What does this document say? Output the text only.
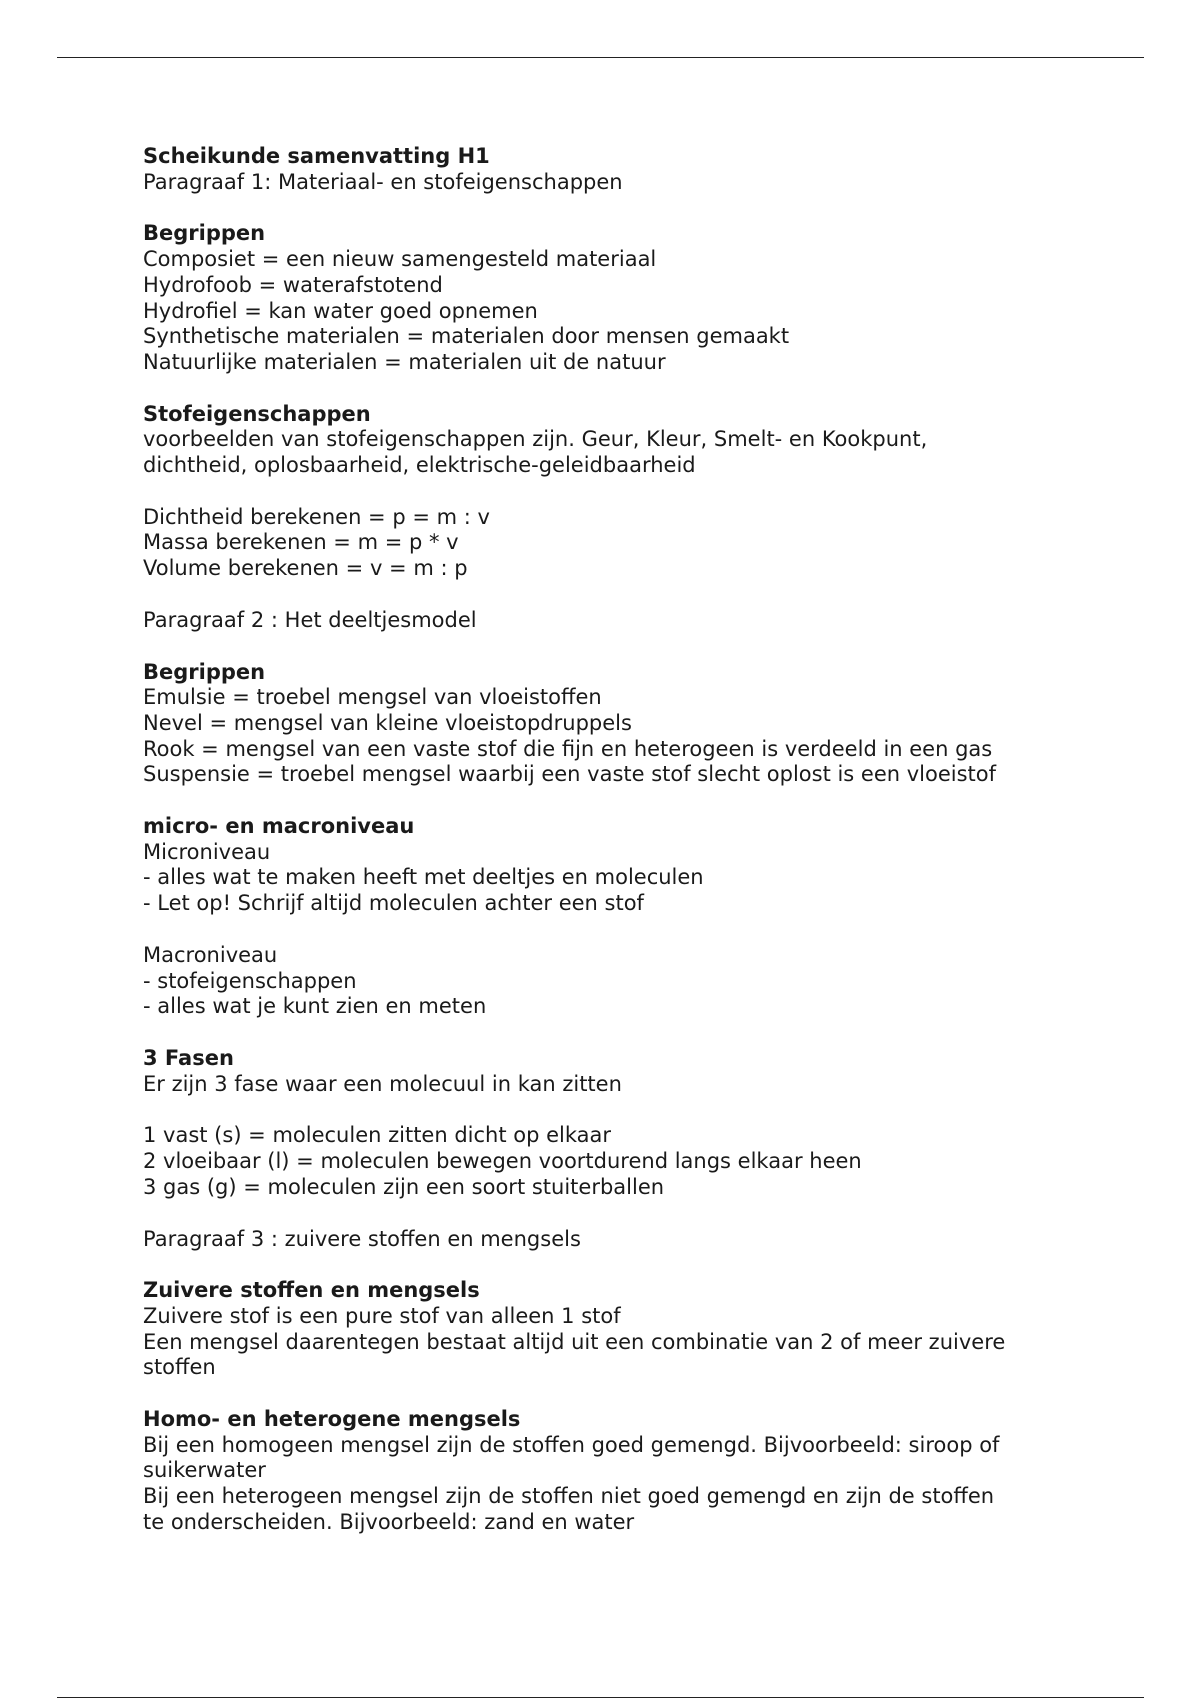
Scheikunde samenvatting H1
Paragraaf 1: Materiaal- en stofeigenschappen
Begrippen
Composiet = een nieuw samengesteld materiaal
Hydrofoob = waterafstotend
Hydrofiel = kan water goed opnemen
Synthetische materialen = materialen door mensen gemaakt
Natuurlijke materialen = materialen uit de natuur
Stofeigenschappen
voorbeelden van stofeigenschappen zijn. Geur, Kleur, Smelt- en Kookpunt,
dichtheid, oplosbaarheid, elektrische-geleidbaarheid
Dichtheid berekenen = p = m : v
Massa berekenen = m = p * v
Volume berekenen = v = m : p
Paragraaf 2 : Het deeltjesmodel
Begrippen
Emulsie = troebel mengsel van vloeistoffen
Nevel = mengsel van kleine vloeistopdruppels
Rook = mengsel van een vaste stof die fijn en heterogeen is verdeeld in een gas
Suspensie = troebel mengsel waarbij een vaste stof slecht oplost is een vloeistof
micro- en macroniveau
Microniveau
- alles wat te maken heeft met deeltjes en moleculen
- Let op! Schrijf altijd moleculen achter een stof
Macroniveau
- stofeigenschappen
- alles wat je kunt zien en meten
3 Fasen
Er zijn 3 fase waar een molecuul in kan zitten
1 vast (s) = moleculen zitten dicht op elkaar
2 vloeibaar (l) = moleculen bewegen voortdurend langs elkaar heen
3 gas (g) = moleculen zijn een soort stuiterballen
Paragraaf 3 : zuivere stoffen en mengsels
Zuivere stoffen en mengsels
Zuivere stof is een pure stof van alleen 1 stof
Een mengsel daarentegen bestaat altijd uit een combinatie van 2 of meer zuivere
stoffen
Homo- en heterogene mengsels
Bij een homogeen mengsel zijn de stoffen goed gemengd. Bijvoorbeeld: siroop of
suikerwater
Bij een heterogeen mengsel zijn de stoffen niet goed gemengd en zijn de stoffen
te onderscheiden. Bijvoorbeeld: zand en water
